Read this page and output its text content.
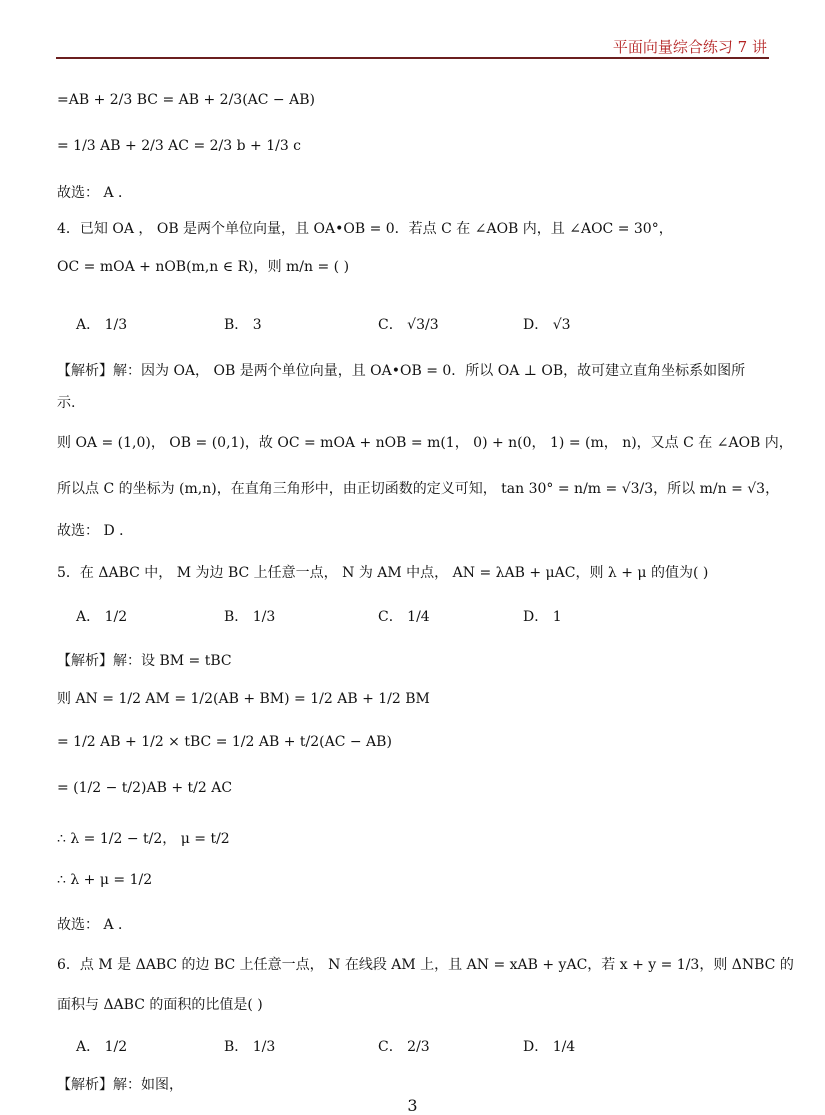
平面向量综合练习 7 讲
=AB + 2/3 BC = AB + 2/3(AC − AB)
= 1/3 AB + 2/3 AC = 2/3 b + 1/3 c
故选： A ．
4．已知 OA ， OB 是两个单位向量，且 OA•OB = 0．若点 C 在 ∠AOB 内，且 ∠AOC = 30°，
OC = mOA + nOB(m,n ∈ R)，则 m/n = ( )
A． 1/3	B． 3	C． √3/3	D． √3
【解析】解：因为 OA， OB 是两个单位向量，且 OA•OB = 0．所以 OA ⊥ OB，故可建立直角坐标系如图所
示.
则 OA = (1,0)， OB = (0,1)，故 OC = mOA + nOB = m(1， 0) + n(0， 1) = (m， n)，又点 C 在 ∠AOB 内，
所以点 C 的坐标为 (m,n)，在直角三角形中，由正切函数的定义可知， tan 30° = n/m = √3/3，所以 m/n = √3，
故选： D ．
5．在 ΔABC 中， M 为边 BC 上任意一点， N 为 AM 中点， AN = λAB + μAC，则 λ + μ 的值为( )
A． 1/2	B． 1/3	C． 1/4	D． 1
【解析】解：设 BM = tBC
则 AN = 1/2 AM = 1/2(AB + BM) = 1/2 AB + 1/2 BM
= 1/2 AB + 1/2 × tBC = 1/2 AB + t/2(AC − AB)
= (1/2 − t/2)AB + t/2 AC
∴ λ = 1/2 − t/2， μ = t/2
∴ λ + μ = 1/2
故选： A ．
6．点 M 是 ΔABC 的边 BC 上任意一点， N 在线段 AM 上，且 AN = xAB + yAC，若 x + y = 1/3，则 ΔNBC 的
面积与 ΔABC 的面积的比值是( )
A． 1/2	B． 1/3	C． 2/3	D． 1/4
【解析】解：如图，
3
